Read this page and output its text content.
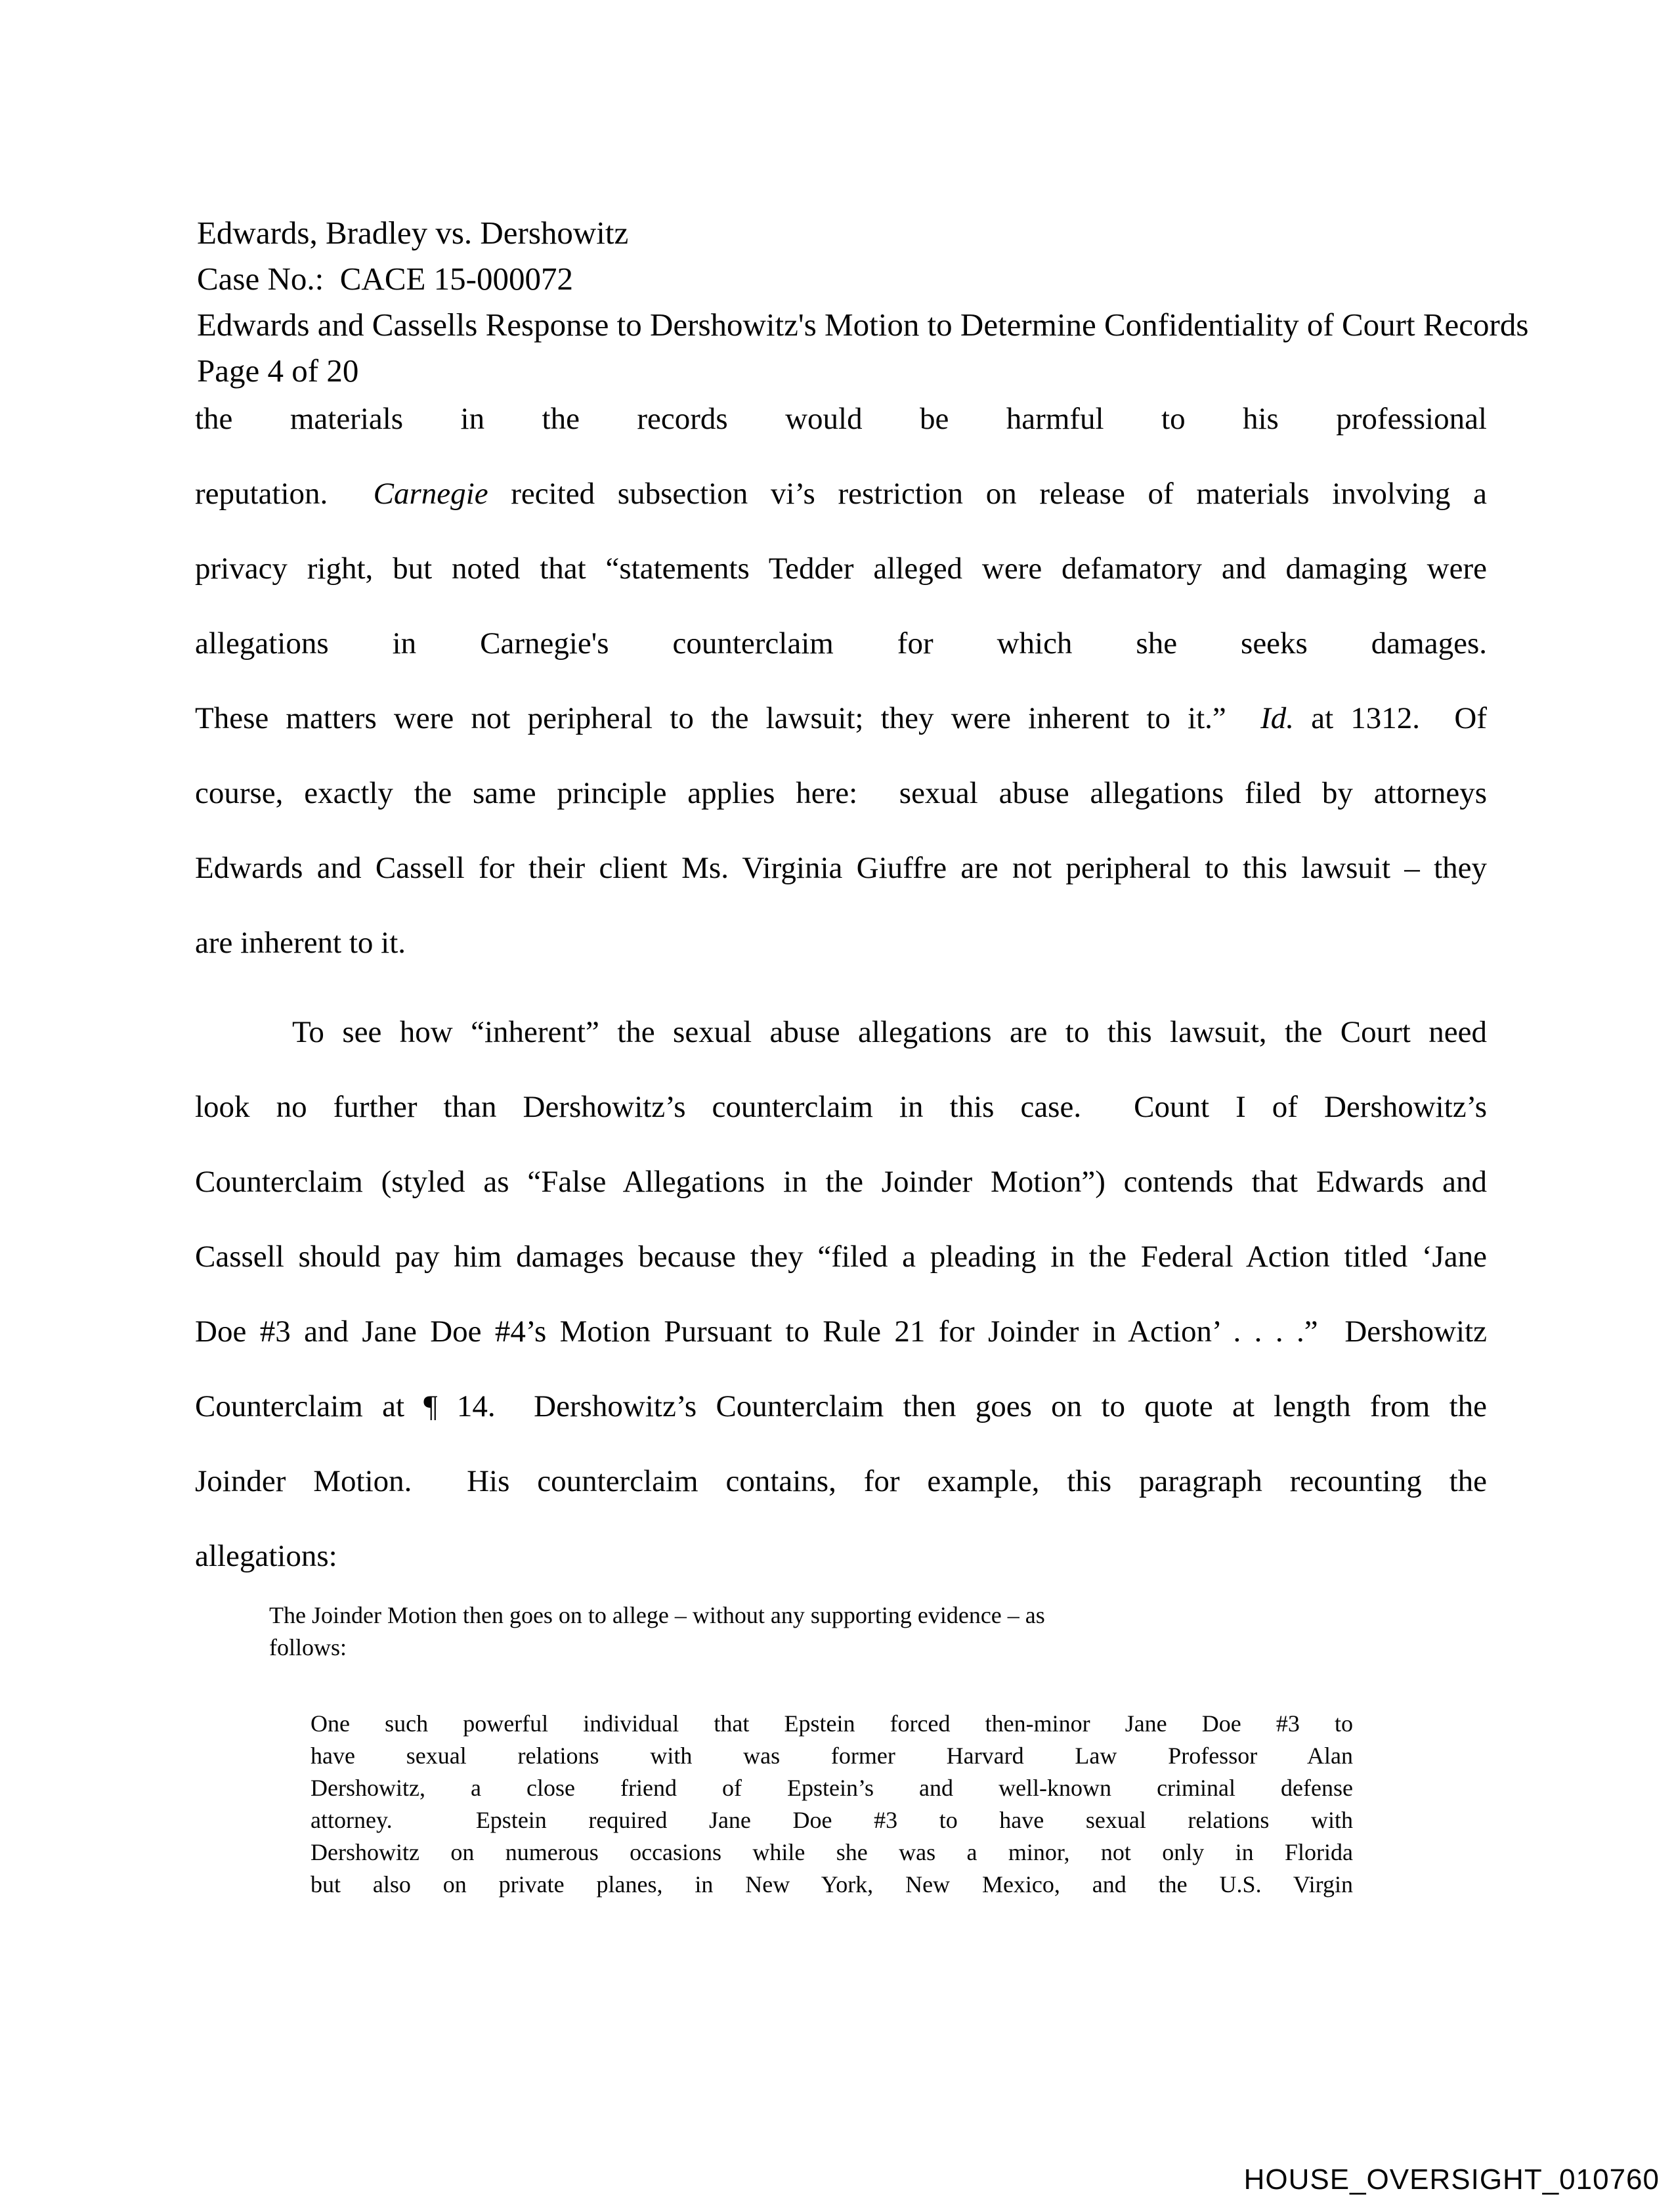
Edwards, Bradley vs. Dershowitz
Case No.:  CACE 15-000072
Edwards and Cassells Response to Dershowitz's Motion to Determine Confidentiality of Court Records
Page 4 of 20
the materials in the records would be harmful to his professional
reputation.  Carnegie recited subsection vi’s restriction on release of materials involving a
privacy right, but noted that “statements Tedder alleged were defamatory and damaging were
allegations in Carnegie's counterclaim for which she seeks damages.
These matters were not peripheral to the lawsuit; they were inherent to it.”  Id. at 1312.  Of
course, exactly the same principle applies here:  sexual abuse allegations filed by attorneys
Edwards and Cassell for their client Ms. Virginia Giuffre are not peripheral to this lawsuit – they
are inherent to it.
To see how “inherent” the sexual abuse allegations are to this lawsuit, the Court need
look no further than Dershowitz’s counterclaim in this case.  Count I of Dershowitz’s
Counterclaim (styled as “False Allegations in the Joinder Motion”) contends that Edwards and
Cassell should pay him damages because they “filed a pleading in the Federal Action titled ‘Jane
Doe #3 and Jane Doe #4’s Motion Pursuant to Rule 21 for Joinder in Action’ . . . .”  Dershowitz
Counterclaim at ¶ 14.  Dershowitz’s Counterclaim then goes on to quote at length from the
Joinder Motion.  His counterclaim contains, for example, this paragraph recounting the
allegations:
The Joinder Motion then goes on to allege – without any supporting evidence – as
follows:
One such powerful individual that Epstein forced then-minor Jane Doe #3 to
have sexual relations with was former Harvard Law Professor Alan
Dershowitz, a close friend of Epstein’s and well-known criminal defense
attorney.  Epstein required Jane Doe #3 to have sexual relations with
Dershowitz on numerous occasions while she was a minor, not only in Florida
but also on private planes, in New York, New Mexico, and the U.S. Virgin
HOUSE_OVERSIGHT_010760
